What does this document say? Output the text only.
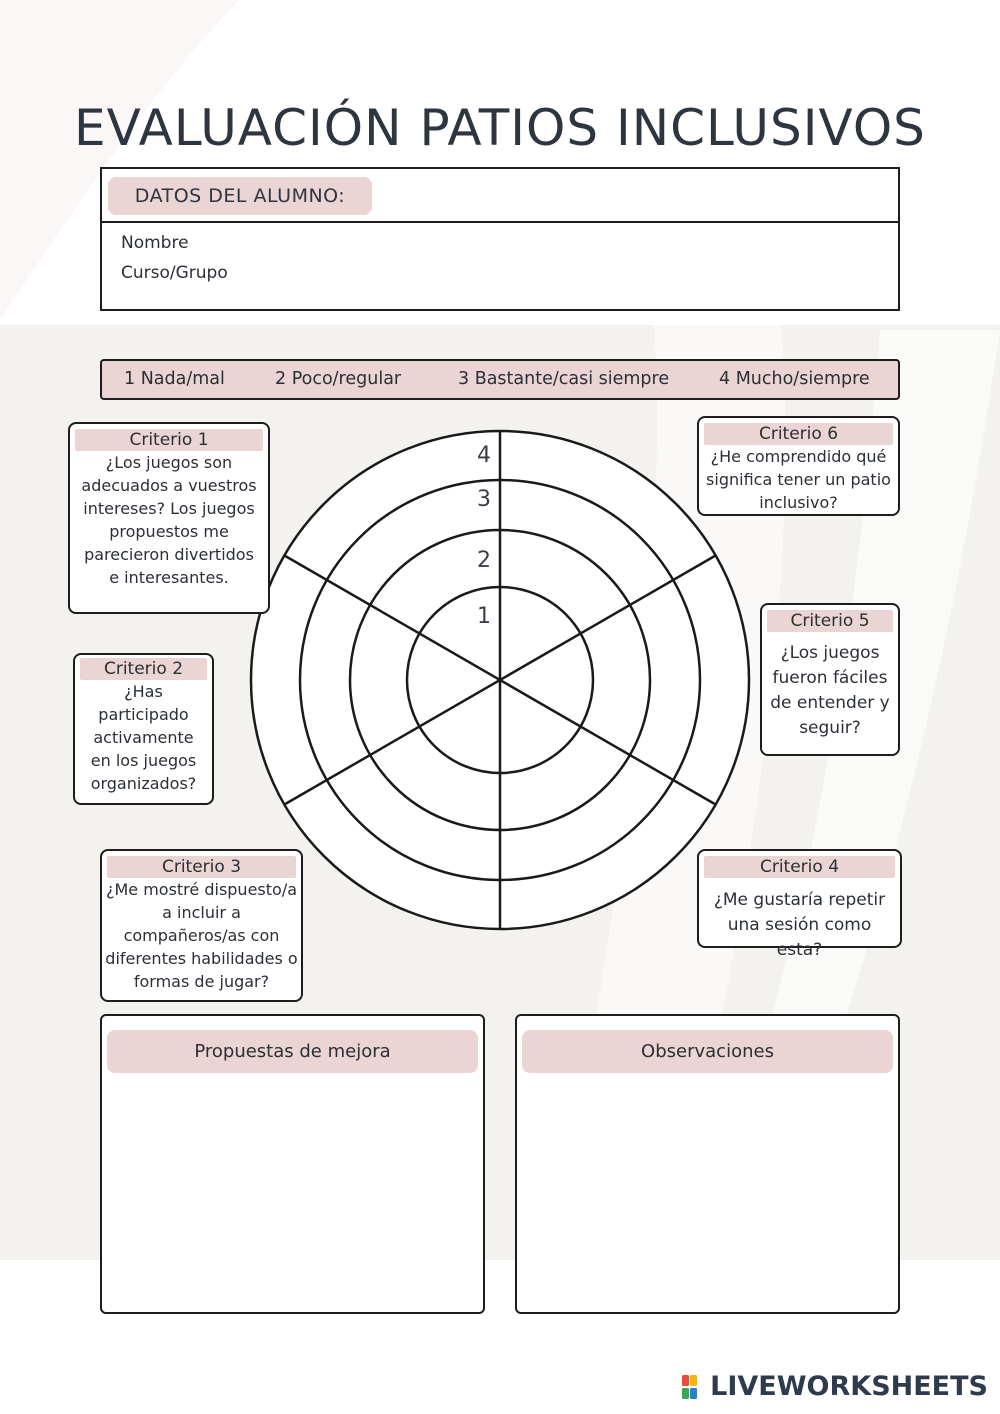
EVALUACIÓN PATIOS INCLUSIVOS
DATOS DEL ALUMNO:
Nombre
Curso/Grupo
1 Nada/mal	2 Poco/regular	3 Bastante/casi siempre	4 Mucho/siempre
1
2
3
4
Criterio 1
¿Los juegos son adecuados a vuestros intereses? Los juegos propuestos me parecieron divertidos e interesantes.
Criterio 2
¿Has participado activamente en los juegos organizados?
Criterio 3
¿Me mostré dispuesto/a a incluir a compañeros/as con diferentes habilidades o formas de jugar?
Criterio 4
¿Me gustaría repetir una sesión como esta?
Criterio 5
¿Los juegos fueron fáciles de entender y seguir?
Criterio 6
¿He comprendido qué significa tener un patio inclusivo?
Propuestas de mejora	Observaciones
LIVEWORKSHEETS
